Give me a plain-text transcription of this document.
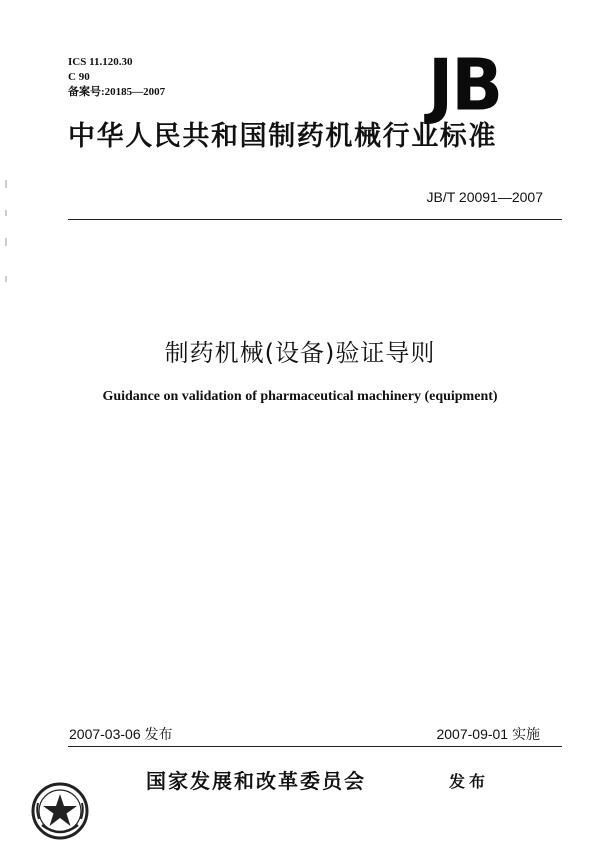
ICS 11.120.30
C 90
备案号:20185—2007	JB
中华人民共和国制药机械行业标准
JB/T 20091—2007
制药机械(设备)验证导则
Guidance on validation of pharmaceutical machinery (equipment)
2007-03-06 发布	2007-09-01 实施
国家发展和改革委员会	发布
